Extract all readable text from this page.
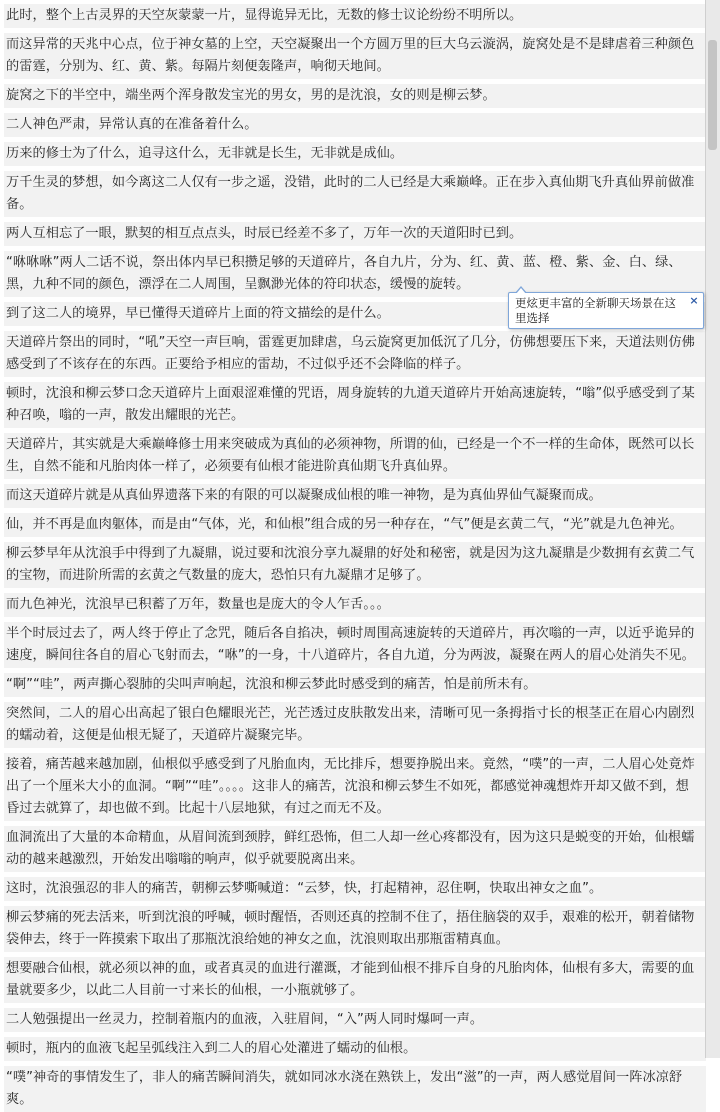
此时，整个上古灵界的天空灰蒙蒙一片，显得诡异无比，无数的修士议论纷纷不明所以。

而这异常的天兆中心点，位于神女墓的上空，天空凝聚出一个方圆万里的巨大乌云漩涡，旋窝处是不是肆虐着三种颜色的雷霆，分别为、红、黄、紫。每隔片刻便轰隆声，响彻天地间。

旋窝之下的半空中，端坐两个浑身散发宝光的男女，男的是沈浪，女的则是柳云梦。

二人神色严肃，异常认真的在准备着什么。

历来的修士为了什么，追寻这什么，无非就是长生，无非就是成仙。

万千生灵的梦想，如今离这二人仅有一步之遥，没错，此时的二人已经是大乘巅峰。正在步入真仙期飞升真仙界前做准备。

两人互相忘了一眼，默契的相互点点头，时辰已经差不多了，万年一次的天道阳时已到。

“咻咻咻”两人二话不说，祭出体内早已积攒足够的天道碎片，各自九片，分为、红、黄、蓝、橙、紫、金、白、绿、黑，九种不同的颜色，漂浮在二人周围，呈飘渺光体的符印状态，缓慢的旋转。

到了这二人的境界，早已懂得天道碎片上面的符文描绘的是什么。

天道碎片祭出的同时，“吼”天空一声巨响，雷霆更加肆虐，乌云旋窝更加低沉了几分，仿佛想要压下来，天道法则仿佛感受到了不该存在的东西。正要给予相应的雷劫，不过似乎还不会降临的样子。

顿时，沈浪和柳云梦口念天道碎片上面艰涩难懂的咒语，周身旋转的九道天道碎片开始高速旋转，“嗡”似乎感受到了某种召唤，嗡的一声，散发出耀眼的光芒。

天道碎片，其实就是大乘巅峰修士用来突破成为真仙的必须神物，所谓的仙，已经是一个不一样的生命体，既然可以长生，自然不能和凡胎肉体一样了，必须要有仙根才能进阶真仙期飞升真仙界。

而这天道碎片就是从真仙界遗落下来的有限的可以凝聚成仙根的唯一神物，是为真仙界仙气凝聚而成。

仙，并不再是血肉躯体，而是由“气体，光，和仙根”组合成的另一种存在，“气”便是玄黄二气，“光”就是九色神光。

柳云梦早年从沈浪手中得到了九凝鼎，说过要和沈浪分享九凝鼎的好处和秘密，就是因为这九凝鼎是少数拥有玄黄二气的宝物，而进阶所需的玄黄之气数量的庞大，恐怕只有九凝鼎才足够了。

而九色神光，沈浪早已积蓄了万年，数量也是庞大的令人乍舌。。。

半个时辰过去了，两人终于停止了念咒，随后各自掐决，顿时周围高速旋转的天道碎片，再次嗡的一声，以近乎诡异的速度，瞬间往各自的眉心飞射而去，“咻”的一身，十八道碎片，各自九道，分为两波，凝聚在两人的眉心处消失不见。

“啊”“哇”，两声撕心裂肺的尖叫声响起，沈浪和柳云梦此时感受到的痛苦，怕是前所未有。

突然间，二人的眉心出高起了银白色耀眼光芒，光芒透过皮肤散发出来，清晰可见一条拇指寸长的根茎正在眉心内剧烈的蠕动着，这便是仙根无疑了，天道碎片凝聚完毕。

接着，痛苦越来越加剧，仙根似乎感受到了凡胎血肉，无比排斥，想要挣脱出来。竟然，“噗”的一声，二人眉心处竟炸出了一个厘米大小的血洞。“啊”“哇”。。。。这非人的痛苦，沈浪和柳云梦生不如死，都感觉神魂想炸开却又做不到，想昏过去就算了，却也做不到。比起十八层地狱，有过之而无不及。

血洞流出了大量的本命精血，从眉间流到颈脖，鲜红恐怖，但二人却一丝心疼都没有，因为这只是蜕变的开始，仙根蠕动的越来越激烈，开始发出嗡嗡的响声，似乎就要脱离出来。

这时，沈浪强忍的非人的痛苦，朝柳云梦嘶喊道：“云梦，快，打起精神，忍住啊，快取出神女之血”。

柳云梦痛的死去活来，听到沈浪的呼喊，顿时醒悟，否则还真的控制不住了，捂住脑袋的双手，艰难的松开，朝着储物袋伸去，终于一阵摸索下取出了那瓶沈浪给她的神女之血，沈浪则取出那瓶雷精真血。

想要融合仙根，就必须以神的血，或者真灵的血进行灌溉，才能到仙根不排斥自身的凡胎肉体，仙根有多大，需要的血量就要多少，以此二人目前一寸来长的仙根，一小瓶就够了。

二人勉强提出一丝灵力，控制着瓶内的血液，入驻眉间，“入”两人同时爆呵一声。

顿时，瓶内的血液飞起呈弧线注入到二人的眉心处灌进了蠕动的仙根。

“噗”神奇的事情发生了，非人的痛苦瞬间消失，就如同冰水浇在熟铁上，发出“滋”的一声，两人感觉眉间一阵冰凉舒爽。

更炫更丰富的全新聊天场景在这里选择
×
